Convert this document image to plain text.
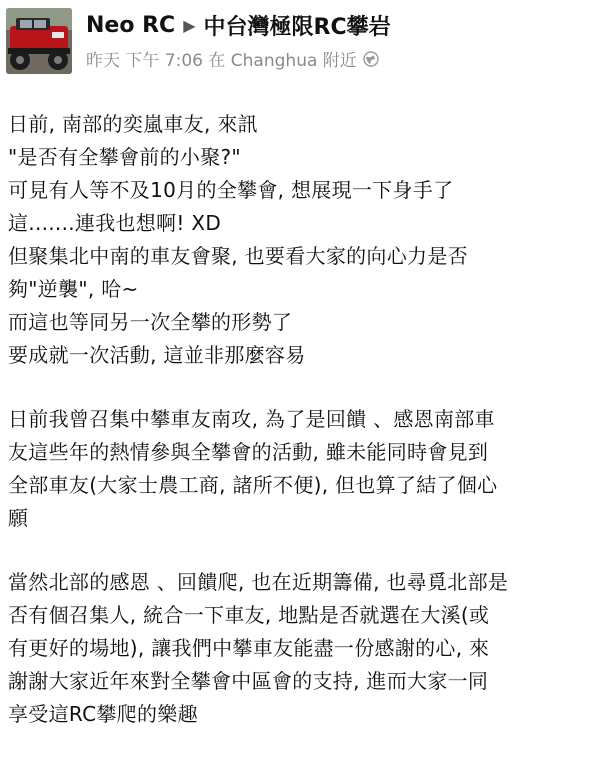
Neo RC ▶ 中台灣極限RC攀岩
昨天 下午 7:06 在 Changhua 附近
日前, 南部的奕嵐車友, 來訊
"是否有全攀會前的小聚?"
可見有人等不及10月的全攀會, 想展現一下身手了
這.......連我也想啊! XD
但聚集北中南的車友會聚, 也要看大家的向心力是否
夠"逆襲", 哈~
而這也等同另一次全攀的形勢了
要成就一次活動, 這並非那麼容易
日前我曾召集中攀車友南攻, 為了是回饋 、感恩南部車
友這些年的熱情參與全攀會的活動, 雖未能同時會見到
全部車友(大家士農工商, 諸所不便), 但也算了結了個心
願
當然北部的感恩 、回饋爬, 也在近期籌備, 也尋覓北部是
否有個召集人, 統合一下車友, 地點是否就選在大溪(或
有更好的場地), 讓我們中攀車友能盡一份感謝的心, 來
謝謝大家近年來對全攀會中區會的支持, 進而大家一同
享受這RC攀爬的樂趣
